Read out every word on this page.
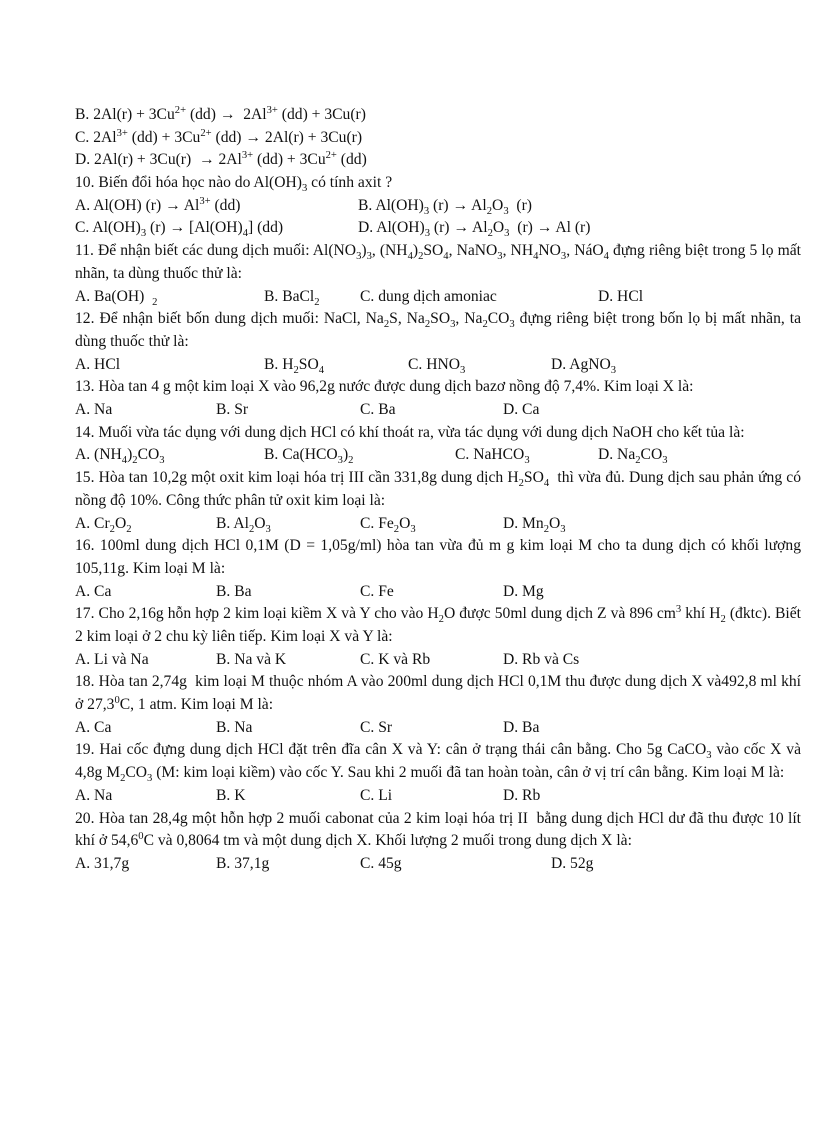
B. $2Al(r) + 3Cu^{2+}$ $(dd) \to 2Al^{3+}$ (dd) + 3Cu(r)
C. $2Al^{3+}$ $(dd) + 3Cu^{2+}$ (dd) → 2Al(r) + 3Cu(r)
D. $2Al(r) + 3Cu(r) \to 2Al^{3+}$ $(dd) + 3Cu^{2+}$ (dd)
10. Biến đổi hóa học nào do $Al(OH)_3$ có tính axit ?
A. Al(OH) $(r) \to Al^{3+}$ (dd)	B. $Al(OH)_3$ $(r) \to Al_2O_3$  (r)
C. $Al(OH)_3$ $(r) \to [Al(OH)_4]$ (dd)	D. $Al(OH)_3$ $(r) \to Al_2O_3$  (r) → Al (r)
11. Để nhận biết các dung dịch muối: $Al(NO_3)_3$, $(NH_4)_2SO_4$, NaNO$_3$, $NH_4NO_3$, NáO$_4$ đựng riêng biệt trong 5 lọ mất nhãn, ta dùng thuốc thử là:
A. Ba(OH)  $_2$	B. BaCl$_2$	C. dung dịch amoniac	D. HCl
12. Để nhận biết bốn dung dịch muối: NaCl, $Na_2S$, $Na_2SO_3$, $Na_2CO_3$ đựng riêng biệt trong bốn lọ bị mất nhãn, ta dùng thuốc thử là:
A. HCl	B. $H_2SO_4$	C. $HNO_3$	D. AgNO$_3$
13. Hòa tan 4 g một kim loại X vào 96,2g nước được dung dịch bazơ nồng độ 7,4%. Kim loại X là:
A. Na	B. Sr	C. Ba	D. Ca
14. Muối vừa tác dụng với dung dịch HCl có khí thoát ra, vừa tác dụng với dung dịch NaOH cho kết tủa là:
A. $(NH_4)_2CO_3$	B. $Ca(HCO_3)_2$	C. NaHCO$_3$	D. $Na_2CO_3$
15. Hòa tan 10,2g một oxit kim loại hóa trị III cần 331,8g dung dịch $H_2SO_4$  thì vừa đủ. Dung dịch sau phản ứng có nồng độ 10%. Công thức phân tử oxit kim loại là:
A. $Cr_2O_2$	B. $Al_2O_3$	C. $Fe_2O_3$	D. $Mn_2O_3$
16. 100ml dung dịch HCl 0,1M (D = 1,05g/ml) hòa tan vừa đủ m g kim loại M cho ta dung dịch có khối lượng 105,11g. Kim loại M là:
A. Ca	B. Ba	C. Fe	D. Mg
17. Cho 2,16g hỗn hợp 2 kim loại kiềm X và Y cho vào $H_2O$ được 50ml dung dịch Z và 896 $cm^3$ khí $H_2$ (đktc). Biết 2 kim loại ở 2 chu kỳ liên tiếp. Kim loại X và Y là:
A. Li và Na	B. Na và K	C. K và Rb	D. Rb và Cs
18. Hòa tan 2,74g  kim loại M thuộc nhóm A vào 200ml dung dịch HCl 0,1M thu được dung dịch X và492,8 ml khí ở 27,3$^0$C, 1 atm. Kim loại M là:
A. Ca	B. Na	C. Sr	D. Ba
19. Hai cốc đựng dung dịch HCl đặt trên đĩa cân X và Y: cân ở trạng thái cân bằng. Cho 5g CaCO$_3$ vào cốc X và 4,8g $M_2CO_3$ (M: kim loại kiềm) vào cốc Y. Sau khi 2 muối đã tan hoàn toàn, cân ở vị trí cân bằng. Kim loại M là:
A. Na	B. K	C. Li	D. Rb
20. Hòa tan 28,4g một hỗn hợp 2 muối cabonat của 2 kim loại hóa trị II  bằng dung dịch HCl dư đã thu được 10 lít khí ở 54,6$^0$C và 0,8064 tm và một dung dịch X. Khối lượng 2 muối trong dung dịch X là:
A. 31,7g	B. 37,1g	C. 45g	D. 52g
